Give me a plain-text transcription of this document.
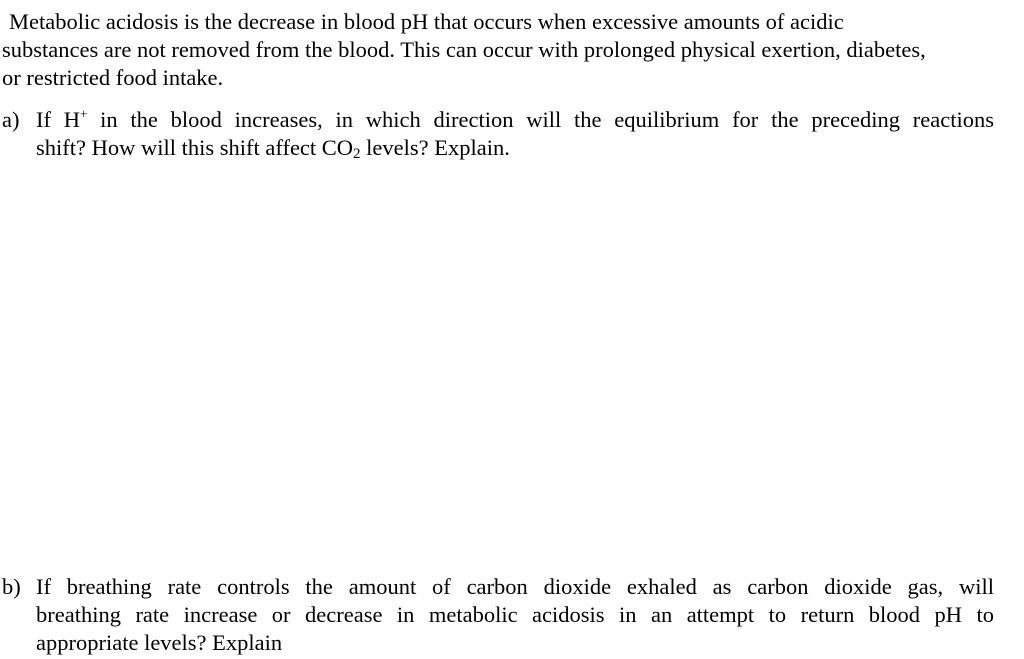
Metabolic acidosis is the decrease in blood pH that occurs when excessive amounts of acidic
substances are not removed from the blood. This can occur with prolonged physical exertion, diabetes,
or restricted food intake.
a) If H+ in the blood increases, in which direction will the equilibrium for the preceding reactions
shift? How will this shift affect $CO_2$ levels? Explain.
b) If breathing rate controls the amount of carbon dioxide exhaled as carbon dioxide gas, will
breathing rate increase or decrease in metabolic acidosis in an attempt to return blood pH to
appropriate levels? Explain
